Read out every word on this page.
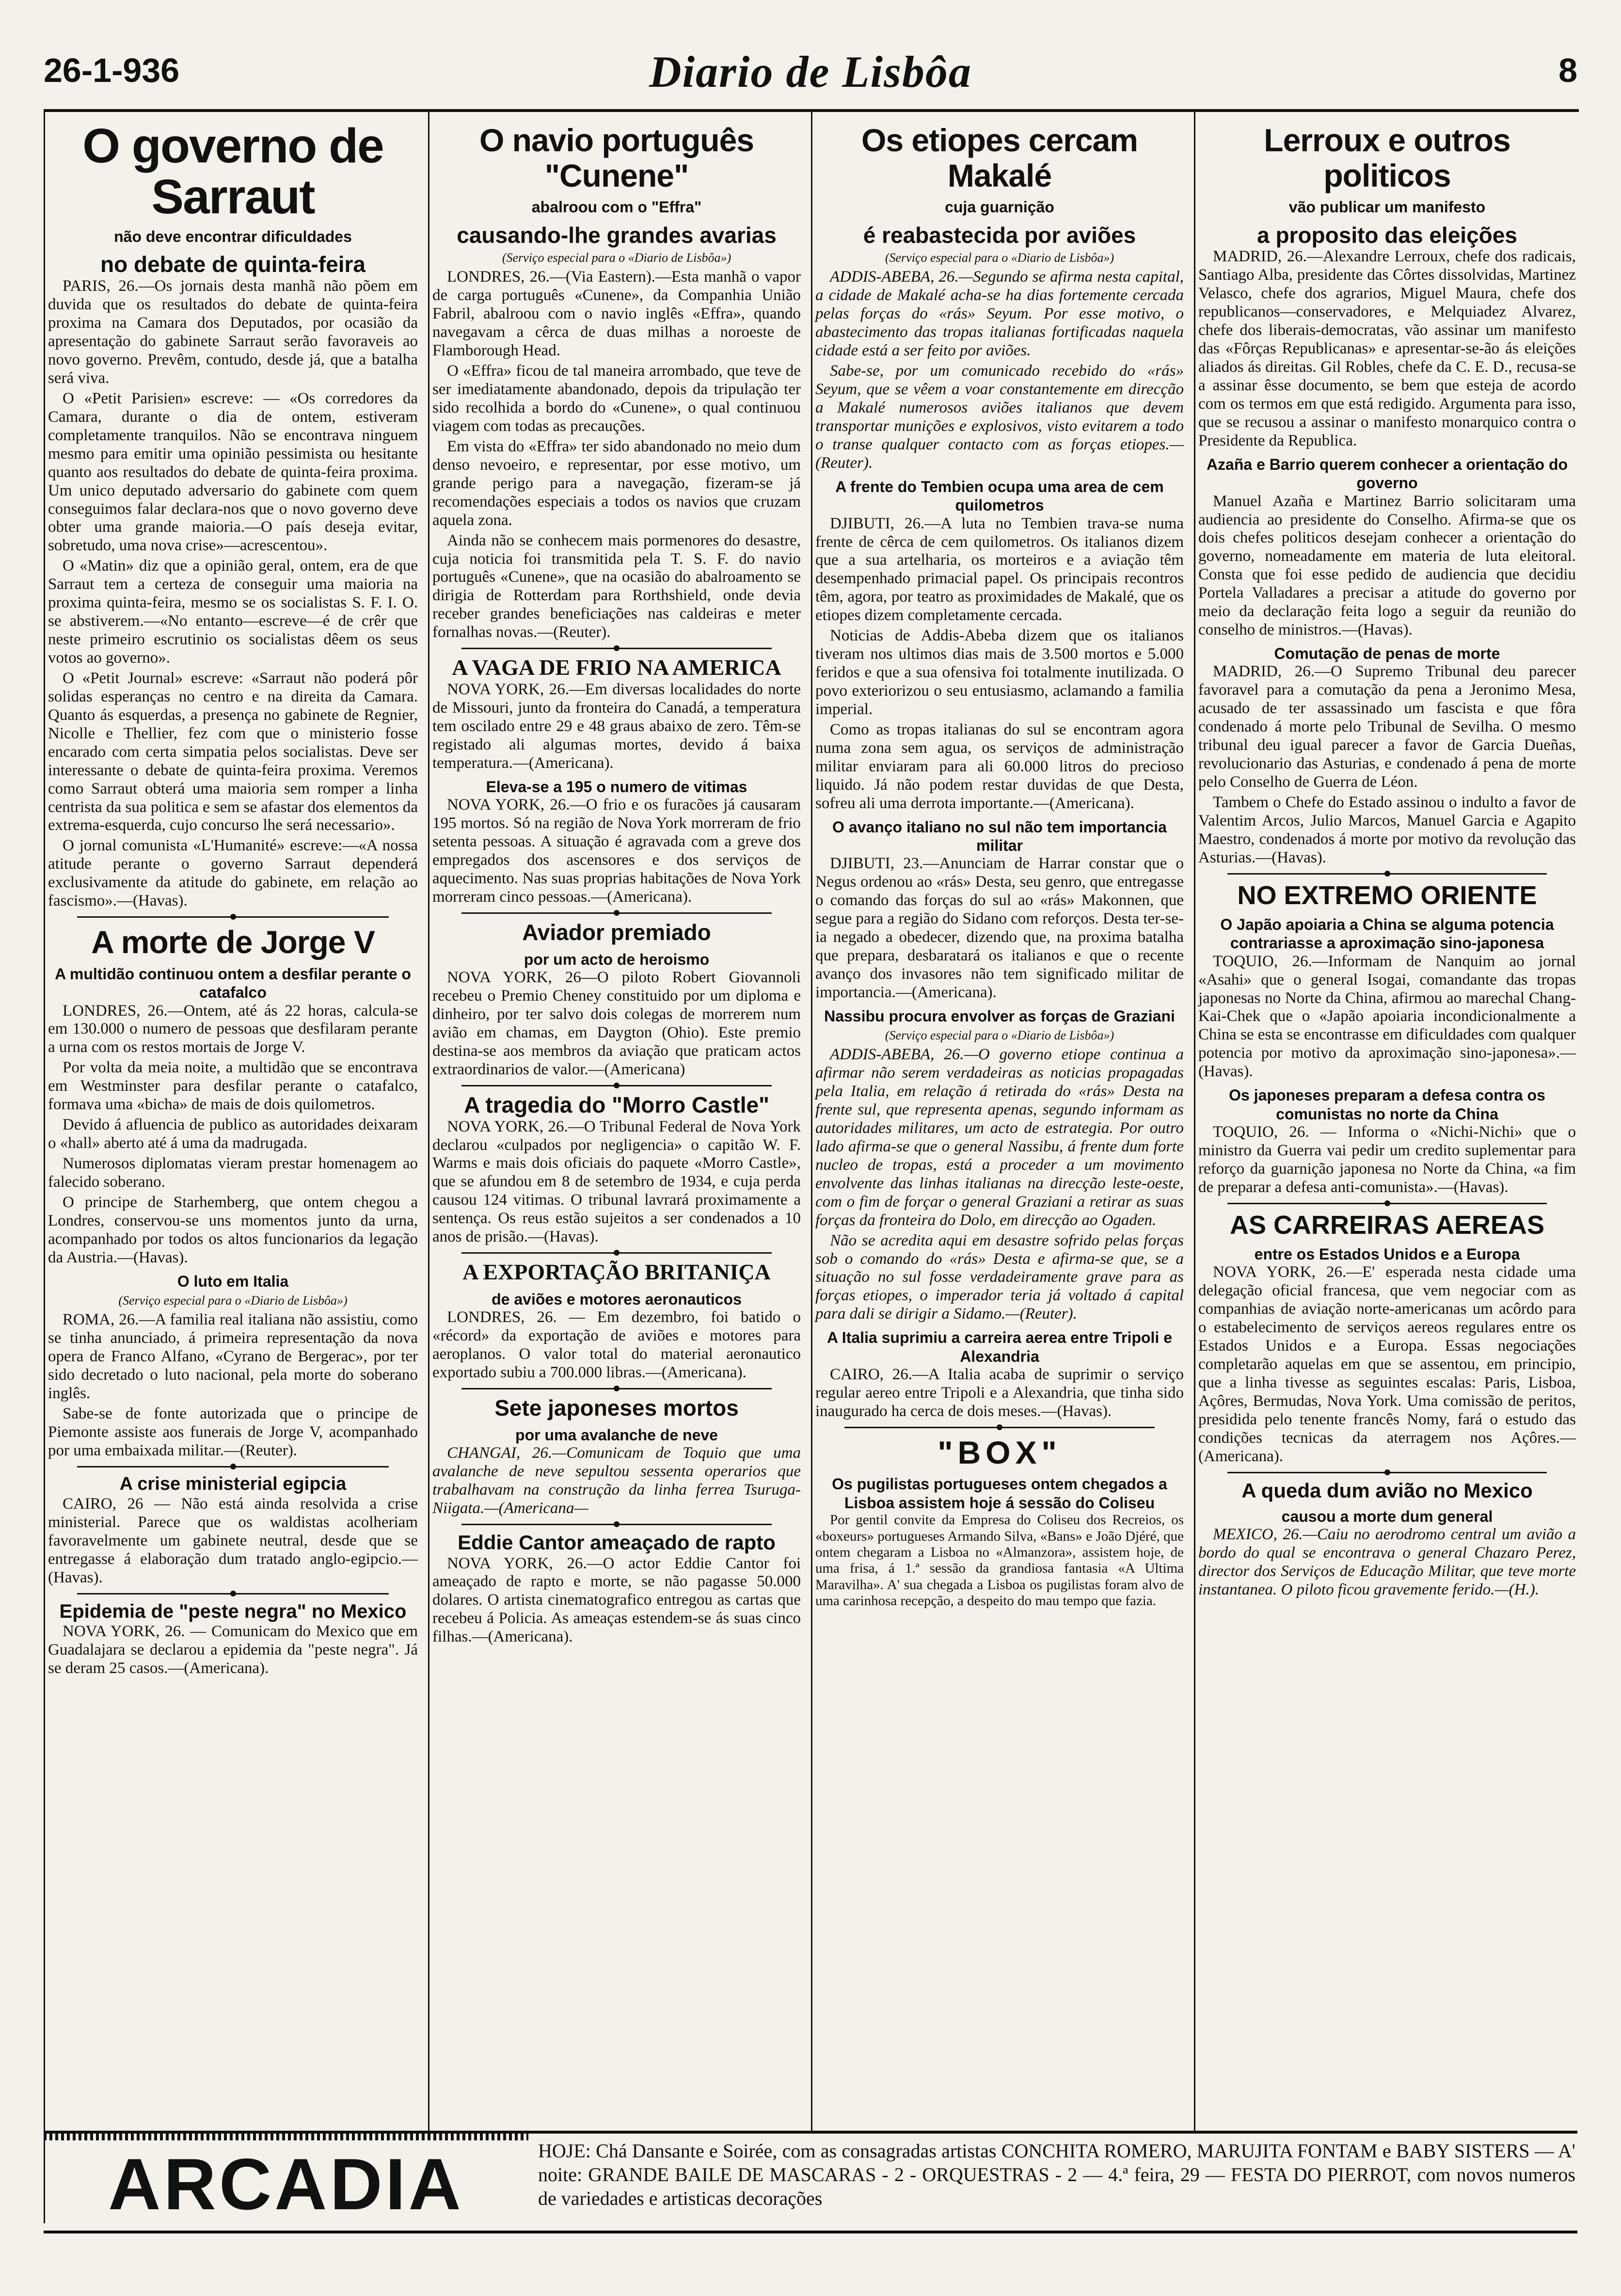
26-1-936	Diario de Lisbôa	8
O governo de Sarraut
não deve encontrar dificuldades
no debate de quinta-feira

PARIS, 26.—Os jornais desta manhã não põem em duvida que os resultados do debate de quinta-feira proxima na Camara dos Deputados, por ocasião da apresentação do gabinete Sarraut serão favoraveis ao novo governo. Prevêm, contudo, desde já, que a batalha será viva.

O «Petit Parisien» escreve: — «Os corredores da Camara, durante o dia de ontem, estiveram completamente tranquilos. Não se encontrava ninguem mesmo para emitir uma opinião pessimista ou hesitante quanto aos resultados do debate de quinta-feira proxima. Um unico deputado adversario do gabinete com quem conseguimos falar declara-nos que o novo governo deve obter uma grande maioria.—O país deseja evitar, sobretudo, uma nova crise»—acrescentou».

O «Matin» diz que a opinião geral, ontem, era de que Sarraut tem a certeza de conseguir uma maioria na proxima quinta-feira, mesmo se os socialistas S. F. I. O. se abstiverem.—«No entanto—escreve—é de crêr que neste primeiro escrutinio os socialistas dêem os seus votos ao governo».

O «Petit Journal» escreve: «Sarraut não poderá pôr solidas esperanças no centro e na direita da Camara. Quanto ás esquerdas, a presença no gabinete de Regnier, Nicolle e Thellier, fez com que o ministerio fosse encarado com certa simpatia pelos socialistas. Deve ser interessante o debate de quinta-feira proxima. Veremos como Sarraut obterá uma maioria sem romper a linha centrista da sua politica e sem se afastar dos elementos da extrema-esquerda, cujo concurso lhe será necessario».

O jornal comunista «L'Humanité» escreve:—«A nossa atitude perante o governo Sarraut dependerá exclusivamente da atitude do gabinete, em relação ao fascismo».—(Havas).

A morte de Jorge V
A multidão continuou ontem a desfilar perante o catafalco

LONDRES, 26.—Ontem, até ás 22 horas, calcula-se em 130.000 o numero de pessoas que desfilaram perante a urna com os restos mortais de Jorge V.

Por volta da meia noite, a multidão que se encontrava em Westminster para desfilar perante o catafalco, formava uma «bicha» de mais de dois quilometros.

Devido á afluencia de publico as autoridades deixaram o «hall» aberto até á uma da madrugada.

Numerosos diplomatas vieram prestar homenagem ao falecido soberano.

O principe de Starhemberg, que ontem chegou a Londres, conservou-se uns momentos junto da urna, acompanhado por todos os altos funcionarios da legação da Austria.—(Havas).

O luto em Italia
(Serviço especial para o «Diario de Lisbôa»)

ROMA, 26.—A familia real italiana não assistiu, como se tinha anunciado, á primeira representação da nova opera de Franco Alfano, «Cyrano de Bergerac», por ter sido decretado o luto nacional, pela morte do soberano inglês.

Sabe-se de fonte autorizada que o principe de Piemonte assiste aos funerais de Jorge V, acompanhado por uma embaixada militar.—(Reuter).

A crise ministerial egipcia

CAIRO, 26 — Não está ainda resolvida a crise ministerial. Parece que os waldistas acolheriam favoravelmente um gabinete neutral, desde que se entregasse á elaboração dum tratado anglo-egipcio.—(Havas).

Epidemia de "peste negra" no Mexico

NOVA YORK, 26. — Comunicam do Mexico que em Guadalajara se declarou a epidemia da "peste negra". Já se deram 25 casos.—(Americana).

O navio português "Cunene"
abalroou com o "Effra"
causando-lhe grandes avarias
(Serviço especial para o «Diario de Lisbôa»)

LONDRES, 26.—(Via Eastern).—Esta manhã o vapor de carga português «Cunene», da Companhia União Fabril, abalroou com o navio inglês «Effra», quando navegavam a cêrca de duas milhas a noroeste de Flamborough Head.

O «Effra» ficou de tal maneira arrombado, que teve de ser imediatamente abandonado, depois da tripulação ter sido recolhida a bordo do «Cunene», o qual continuou viagem com todas as precauções.

Em vista do «Effra» ter sido abandonado no meio dum denso nevoeiro, e representar, por esse motivo, um grande perigo para a navegação, fizeram-se já recomendações especiais a todos os navios que cruzam aquela zona.

Ainda não se conhecem mais pormenores do desastre, cuja noticia foi transmitida pela T. S. F. do navio português «Cunene», que na ocasião do abalroamento se dirigia de Rotterdam para Rorthshield, onde devia receber grandes beneficiações nas caldeiras e meter fornalhas novas.—(Reuter).

A VAGA DE FRIO NA AMERICA

NOVA YORK, 26.—Em diversas localidades do norte de Missouri, junto da fronteira do Canadá, a temperatura tem oscilado entre 29 e 48 graus abaixo de zero. Têm-se registado ali algumas mortes, devido á baixa temperatura.—(Americana).

Eleva-se a 195 o numero de vitimas

NOVA YORK, 26.—O frio e os furacões já causaram 195 mortos. Só na região de Nova York morreram de frio setenta pessoas. A situação é agravada com a greve dos empregados dos ascensores e dos serviços de aquecimento. Nas suas proprias habitações de Nova York morreram cinco pessoas.—(Americana).

Aviador premiado
por um acto de heroismo

NOVA YORK, 26—O piloto Robert Giovannoli recebeu o Premio Cheney constituido por um diploma e dinheiro, por ter salvo dois colegas de morrerem num avião em chamas, em Daygton (Ohio). Este premio destina-se aos membros da aviação que praticam actos extraordinarios de valor.—(Americana)

A tragedia do "Morro Castle"

NOVA YORK, 26.—O Tribunal Federal de Nova York declarou «culpados por negligencia» o capitão W. F. Warms e mais dois oficiais do paquete «Morro Castle», que se afundou em 8 de setembro de 1934, e cuja perda causou 124 vitimas. O tribunal lavrará proximamente a sentença. Os reus estão sujeitos a ser condenados a 10 anos de prisão.—(Havas).

A EXPORTAÇÃO BRITANIÇA
de aviões e motores aeronauticos

LONDRES, 26. — Em dezembro, foi batido o «récord» da exportação de aviões e motores para aeroplanos. O valor total do material aeronautico exportado subiu a 700.000 libras.—(Americana).

Sete japoneses mortos
por uma avalanche de neve

CHANGAI, 26.—Comunicam de Toquio que uma avalanche de neve sepultou sessenta operarios que trabalhavam na construção da linha ferrea Tsuruga-Niigata.—(Americana—

Eddie Cantor ameaçado de rapto

NOVA YORK, 26.—O actor Eddie Cantor foi ameaçado de rapto e morte, se não pagasse 50.000 dolares. O artista cinematografico entregou as cartas que recebeu á Policia. As ameaças estendem-se ás suas cinco filhas.—(Americana).

Os etiopes cercam Makalé
cuja guarnição
é reabastecida por aviões
(Serviço especial para o «Diario de Lisbôa»)

ADDIS-ABEBA, 26.—Segundo se afirma nesta capital, a cidade de Makalé acha-se ha dias fortemente cercada pelas forças do «rás» Seyum. Por esse motivo, o abastecimento das tropas italianas fortificadas naquela cidade está a ser feito por aviões.

Sabe-se, por um comunicado recebido do «rás» Seyum, que se vêem a voar constantemente em direcção a Makalé numerosos aviões italianos que devem transportar munições e explosivos, visto evitarem a todo o transe qualquer contacto com as forças etiopes.—(Reuter).

A frente do Tembien ocupa uma area de cem quilometros

DJIBUTI, 26.—A luta no Tembien trava-se numa frente de cêrca de cem quilometros. Os italianos dizem que a sua artelharia, os morteiros e a aviação têm desempenhado primacial papel. Os principais recontros têm, agora, por teatro as proximidades de Makalé, que os etiopes dizem completamente cercada.

Noticias de Addis-Abeba dizem que os italianos tiveram nos ultimos dias mais de 3.500 mortos e 5.000 feridos e que a sua ofensiva foi totalmente inutilizada. O povo exteriorizou o seu entusiasmo, aclamando a familia imperial.

Como as tropas italianas do sul se encontram agora numa zona sem agua, os serviços de administração militar enviaram para ali 60.000 litros do precioso liquido. Já não podem restar duvidas de que Desta, sofreu ali uma derrota importante.—(Americana).

O avanço italiano no sul não tem importancia militar

DJIBUTI, 23.—Anunciam de Harrar constar que o Negus ordenou ao «rás» Desta, seu genro, que entregasse o comando das forças do sul ao «rás» Makonnen, que segue para a região do Sidano com reforços. Desta ter-se-ia negado a obedecer, dizendo que, na proxima batalha que prepara, desbaratará os italianos e que o recente avanço dos invasores não tem significado militar de importancia.—(Americana).

Nassibu procura envolver as forças de Graziani
(Serviço especial para o «Diario de Lisbôa»)

ADDIS-ABEBA, 26.—O governo etiope continua a afirmar não serem verdadeiras as noticias propagadas pela Italia, em relação á retirada do «rás» Desta na frente sul, que representa apenas, segundo informam as autoridades militares, um acto de estrategia. Por outro lado afirma-se que o general Nassibu, á frente dum forte nucleo de tropas, está a proceder a um movimento envolvente das linhas italianas na direcção leste-oeste, com o fim de forçar o general Graziani a retirar as suas forças da fronteira do Dolo, em direcção ao Ogaden.

Não se acredita aqui em desastre sofrido pelas forças sob o comando do «rás» Desta e afirma-se que, se a situação no sul fosse verdadeiramente grave para as forças etiopes, o imperador teria já voltado á capital para dali se dirigir a Sidamo.—(Reuter).

A Italia suprimiu a carreira aerea entre Tripoli e Alexandria

CAIRO, 26.—A Italia acaba de suprimir o serviço regular aereo entre Tripoli e a Alexandria, que tinha sido inaugurado ha cerca de dois meses.—(Havas).

"BOX"
Os pugilistas portugueses ontem chegados a Lisboa assistem hoje á sessão do Coliseu

Por gentil convite da Empresa do Coliseu dos Recreios, os «boxeurs» portugueses Armando Silva, «Bans» e João Djéré, que ontem chegaram a Lisboa no «Almanzora», assistem hoje, de uma frisa, á 1.ª sessão da grandiosa fantasia «A Ultima Maravilha». A' sua chegada a Lisboa os pugilistas foram alvo de uma carinhosa recepção, a despeito do mau tempo que fazia.

Lerroux e outros politicos
vão publicar um manifesto
a proposito das eleições

MADRID, 26.—Alexandre Lerroux, chefe dos radicais, Santiago Alba, presidente das Côrtes dissolvidas, Martinez Velasco, chefe dos agrarios, Miguel Maura, chefe dos republicanos—conservadores, e Melquiadez Alvarez, chefe dos liberais-democratas, vão assinar um manifesto das «Fôrças Republicanas» e apresentar-se-ão ás eleições aliados ás direitas. Gil Robles, chefe da C. E. D., recusa-se a assinar êsse documento, se bem que esteja de acordo com os termos em que está redigido. Argumenta para isso, que se recusou a assinar o manifesto monarquico contra o Presidente da Republica.

Azaña e Barrio querem conhecer a orientação do governo

Manuel Azaña e Martinez Barrio solicitaram uma audiencia ao presidente do Conselho. Afirma-se que os dois chefes politicos desejam conhecer a orientação do governo, nomeadamente em materia de luta eleitoral. Consta que foi esse pedido de audiencia que decidiu Portela Valladares a precisar a atitude do governo por meio da declaração feita logo a seguir da reunião do conselho de ministros.—(Havas).

Comutação de penas de morte

MADRID, 26.—O Supremo Tribunal deu parecer favoravel para a comutação da pena a Jeronimo Mesa, acusado de ter assassinado um fascista e que fôra condenado á morte pelo Tribunal de Sevilha. O mesmo tribunal deu igual parecer a favor de Garcia Dueñas, revolucionario das Asturias, e condenado á pena de morte pelo Conselho de Guerra de Léon.

Tambem o Chefe do Estado assinou o indulto a favor de Valentim Arcos, Julio Marcos, Manuel Garcia e Agapito Maestro, condenados á morte por motivo da revolução das Asturias.—(Havas).

NO EXTREMO ORIENTE
O Japão apoiaria a China se alguma potencia contrariasse a aproximação sino-japonesa

TOQUIO, 26.—Informam de Nanquim ao jornal «Asahi» que o general Isogai, comandante das tropas japonesas no Norte da China, afirmou ao marechal Chang-Kai-Chek que o «Japão apoiaria incondicionalmente a China se esta se encontrasse em dificuldades com qualquer potencia por motivo da aproximação sino-japonesa».—(Havas).

Os japoneses preparam a defesa contra os comunistas no norte da China

TOQUIO, 26. — Informa o «Nichi-Nichi» que o ministro da Guerra vai pedir um credito suplementar para reforço da guarnição japonesa no Norte da China, «a fim de preparar a defesa anti-comunista».—(Havas).

AS CARREIRAS AEREAS
entre os Estados Unidos e a Europa

NOVA YORK, 26.—E' esperada nesta cidade uma delegação oficial francesa, que vem negociar com as companhias de aviação norte-americanas um acôrdo para o estabelecimento de serviços aereos regulares entre os Estados Unidos e a Europa. Essas negociações completarão aquelas em que se assentou, em principio, que a linha tivesse as seguintes escalas: Paris, Lisboa, Açôres, Bermudas, Nova York. Uma comissão de peritos, presidida pelo tenente francês Nomy, fará o estudo das condições tecnicas da aterragem nos Açôres.—(Americana).

A queda dum avião no Mexico
causou a morte dum general

MEXICO, 26.—Caiu no aerodromo central um avião a bordo do qual se encontrava o general Chazaro Perez, director dos Serviços de Educação Militar, que teve morte instantanea. O piloto ficou gravemente ferido.—(H.).

ARCADIA	HOJE: Chá Dansante e Soirée, com as consagradas artistas CONCHITA ROMERO, MARUJITA FONTAM e BABY SISTERS — A' noite: GRANDE BAILE DE MASCARAS - 2 - ORQUESTRAS - 2 — 4.ª feira, 29 — FESTA DO PIERROT, com novos numeros de variedades e artisticas decorações
